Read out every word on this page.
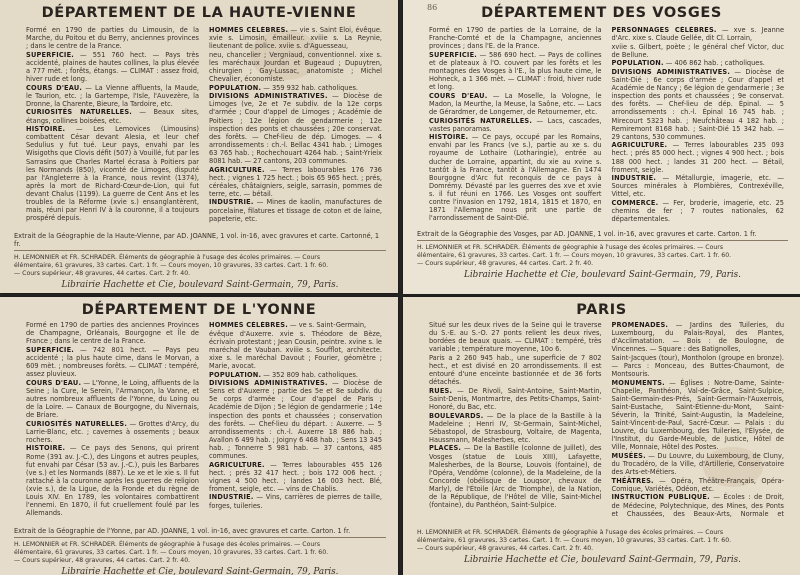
DÉPARTEMENT DE LA HAUTE-VIENNE

Formé en 1790 de parties du Limousin, de la Marche, du Poitou et du Berry, anciennes provinces ; dans le centre de la France.

SUPERFICIE. — 551 760 hect. — Pays très accidenté, plaines de hautes collines, la plus élevée a 777 mèt. ; forêts, étangs. — CLIMAT : assez froid, hiver rude et long.

COURS D'EAU. — La Vienne affluents, la Maude, le Taurion, etc. ; la Gartempe, l'Isle, l'Auvezère, la Dronne, la Charente, Bieure, la Tardoire, etc.

CURIOSITÉS NATURELLES. — Beaux sites, étangs, collines boisées, etc.

HISTOIRE. — Les Lemovices (Limousins) combattent César devant Alesia, et leur chef Sedulius y fut tué. Leur pays, envahi par les Wisigoths que Clovis défit (507) à Vouillé, fut par les Sarrasins que Charles Martel écrasa à Poitiers par les Normands (850), vicomté de Limoges, disputé par l'Angleterre à la France, nous revint (1374), après la mort de Richard-Cœur-de-Lion, qui fut devant Chalus (1199). La guerre de Cent Ans et les troubles de la Réforme (xvie s.) ensanglantèrent, mais, réuni par Henri IV à la couronne, il a toujours prospéré depuis.

HOMMES CÉLÈBRES. — vie s. Saint Éloi, évêque. xvie s. Limosin, émailleur. xviiie s. La Reynie, lieutenant de police. xviie s. d'Aguesseau,

neu, chancelier ; Vergniaud, conventionnel. xixe s. les maréchaux Jourdan et Bugeaud ; Dupuytren, chirurgien ; Gay-Lussac, anatomiste ; Michel Chevalier, économiste.

POPULATION. — 359 932 hab. catholiques.

DIVISIONS ADMINISTRATIVES. — Diocèse de Limoges (ve, 2e et 7e subdiv. de la 12e corps d'armée ; Cour d'appel de Limoges ; Académie de Poitiers ; 12e légion de gendarmerie ; 12e inspection des ponts et chaussées ; 20e conservat. des forêts. — Chef-lieu de dép. Limoges. — 4 arrondissements : ch.-l. Bellac 4341 hab. ; Limoges 63 765 hab. ; Rochechouart 4264 hab. ; Saint-Yrieix 8081 hab. — 27 cantons, 203 communes.

AGRICULTURE. — Terres labourables 176 736 hect. ; vignes 1 725 hect. ; bois 65 965 hect. ; prés, céréales, châtaigniers, seigle, sarrasin, pommes de terre, etc. — bétail.

INDUSTRIE. — Mines de kaolin, manufactures de porcelaine, filatures et tissage de coton et de laine, papeterie, etc.

Extrait de la Géographie de la Haute-Vienne, par AD. JOANNE, 1 vol. in-16, avec gravures et carte. Cartonné, 1 fr.
H. LEMONNIER et FR. SCHRADER. Éléments de géographie à l'usage des écoles primaires. — Cours
élémentaire, 61 gravures, 33 cartes. Cart. 1 fr. — Cours moyen, 10 gravures, 33 cartes. Cart. 1 fr. 60.
— Cours supérieur, 48 gravures, 44 cartes. Cart. 2 fr. 40.
Librairie Hachette et Cie, boulevard Saint-Germain, 79, Paris.
86	DÉPARTEMENT DES VOSGES

Formé en 1790 de parties de la Lorraine, de la Franche-Comté et de la Champagne, anciennes provinces ; dans l'E. de la France.

SUPERFICIE. — 586 690 hect. — Pays de collines et de plateaux à l'O. couvert par les forêts et les montagnes des Vosges à l'E., la plus haute cime, le Hohneck, a 1 366 mèt. — CLIMAT : froid, hiver rude et long.

COURS D'EAU. — La Moselle, la Vologne, le Madon, la Meurthe, la Meuse, la Saône, etc. — Lacs de Gérardmer, de Longemer, de Retournemer, etc.

CURIOSITÉS NATURELLES. — Lacs, cascades, vastes panoramas.

HISTOIRE. — Ce pays, occupé par les Romains, envahi par les Francs (ve s.), partie au xe s. du royaume de Lothaire (Lotharingie), entrée au ducher de Lorraine, appartint, du xie au xvine s. tantôt à la France, tantôt à l'Allemagne. En 1474 Bourgogne d'Arc fut reconquis de ce pays à Domrémy. Dévasté par les guerres des xve et xvie s. il fut réuni en 1766. Les Vosges ont souffert contre l'invasion en 1792, 1814, 1815 et 1870, en 1871 l'Allemagne nous prit une partie de l'arrondissement de Saint-Dié.

PERSONNAGES CÉLÈBRES. — xve s. Jeanne d'Arc. xixe s. Claude Gellée, dit Cl. Lorrain,

xviie s. Gilbert, poète ; le général chef Victor, duc de Bellune.

POPULATION. — 406 862 hab. ; catholiques.

DIVISIONS ADMINISTRATIVES. — Diocèse de Saint-Dié ; 6e corps d'armée ; Cour d'appel et Académie de Nancy ; 6e légion de gendarmerie ; 3e inspection des ponts et chaussées ; 9e conservat. des forêts. — Chef-lieu de dép. Épinal. — 5 arrondissements : ch.-l. Épinal 16 745 hab. ; Mirecourt 5323 hab. ; Neufchâteau 4 182 hab. ; Remiremont 8168 hab. ; Saint-Dié 15 342 hab. — 29 cantons, 530 communes.

AGRICULTURE. — Terres labourables 235 093 hect. ; prés 85 000 hect. ; vignes 4 900 hect. ; bois 188 000 hect. ; landes 31 200 hect. — Bétail, froment, seigle.

INDUSTRIE. — Métallurgie, imagerie, etc. — Sources minérales à Plombières, Contrexéville, Vittel, etc.

COMMERCE. — Fer, broderie, imagerie, etc. 25 chemins de fer ; 7 routes nationales, 62 départementales.

Extrait de la Géographie des Vosges, par AD. JOANNE, 1 vol. in-16, avec gravures et carte. Carton. 1 fr.
H. LEMONNIER et FR. SCHRADER. Éléments de géographie à l'usage des écoles primaires. — Cours
élémentaire, 61 gravures, 33 cartes. Cart. 1 fr. — Cours moyen, 10 gravures, 33 cartes. Cart. 1 fr. 60.
— Cours supérieur, 48 gravures, 44 cartes. Cart. 2 fr. 40.
Librairie Hachette et Cie, boulevard Saint-Germain, 79, Paris.
DÉPARTEMENT DE L'YONNE

Formé en 1790 de parties des anciennes Provinces de Champagne, Orléanais, Bourgogne et Île de France ; dans le centre de la France.

SUPERFICIE. — 742 801 hect. — Pays peu accidenté ; la plus haute cime, dans le Morvan, a 609 mèt. ; nombreuses forêts. — CLIMAT : tempéré, assez pluvieux.

COURS D'EAU. — L'Yonne, le Loing, affluents de la Seine ; la Cure, le Serein, l'Armançon, la Vanne, et autres nombreux affluents de l'Yonne, du Loing ou de la Loire. — Canaux de Bourgogne, du Nivernais, de Briare.

CURIOSITÉS NATURELLES. — Grottes d'Arcy, du Larrie-Blanc, etc. ; cavernes à ossements ; beaux rochers.

HISTOIRE. — Ce pays des Senons, qui prirent Rome (391 av. J.-C.), des Lingons et autres peuples, fut envahi par César (53 av. J.-C.), puis les Barbares (ve s.) et les Normands (887). Le xe et le xie s. Il fut rattaché à la couronne après les guerres de religion (xvie s.), de la Ligue, de la Fronde et du règne de Louis XIV. En 1789, les volontaires combattirent l'ennemi. En 1870, il fut cruellement foulé par les Allemands.

HOMMES CÉLÈBRES. — ve s. Saint-Germain,

évêque d'Auxerre. xvie s. Théodore de Bèze, écrivain protestant ; Jean Cousin, peintre. xvine s. le maréchal de Vauban. xviiie s. Soufflot, architecte. xixe s. le maréchal Davout ; Fourier, géomètre ; Marie, avocat.

POPULATION. — 352 809 hab. catholiques.

DIVISIONS ADMINISTRATIVES. — Diocèse de Sens et d'Auxerre ; partie des 5e et 8e subdiv. du 5e corps d'armée ; Cour d'appel de Paris ; Académie de Dijon ; 5e légion de gendarmerie ; 14e inspection des ponts et chaussées ; conservation des forêts. — Chef-lieu du départ. : Auxerre. — 5 arrondissements : ch.-l. Auxerre 18 886 hab. ; Avallon 6 499 hab. ; Joigny 6 468 hab. ; Sens 13 345 hab. ; Tonnerre 5 981 hab. — 37 cantons, 485 communes.

AGRICULTURE. — Terres labourables 455 126 hect. ; prés 32 417 hect. ; bois 172 006 hect. ; vignes 4 500 hect. ; landes 16 003 hect. Blé, froment, seigle, etc. — vins de Chablis.

INDUSTRIE. — Vins, carrières de pierres de taille, forges, tuileries.

Extrait de la Géographie de l'Yonne, par AD. JOANNE, 1 vol. in-16, avec gravures et carte. Carton. 1 fr.
H. LEMONNIER et FR. SCHRADER. Éléments de géographie à l'usage des écoles primaires. — Cours
élémentaire, 61 gravures, 33 cartes. Cart. 1 fr. — Cours moyen, 10 gravures, 33 cartes. Cart. 1 fr. 60.
— Cours supérieur, 48 gravures, 44 cartes. Cart. 2 fr. 40.
Librairie Hachette et Cie, boulevard Saint-Germain, 79, Paris.
PARIS

Situé sur les deux rives de la Seine qui le traverse du S.-E. au S.-O. 27 ponts relient les deux rives, bordées de beaux quais. — CLIMAT : tempéré, très variable ; température moyenne, 10o 6.

Paris a 2 260 945 hab., une superficie de 7 802 hect., et est divisé en 20 arrondissements. Il est entouré d'une enceinte bastionnée et de 36 forts détachés.

RUES. — De Rivoli, Saint-Antoine, Saint-Martin, Saint-Denis, Montmartre, des Petits-Champs, Saint-Honoré, du Bac, etc.

BOULEVARDS. — De la place de la Bastille à la Madeleine ; Henri IV, St-Germain, Saint-Michel, Sébastopol, de Strasbourg, Voltaire, de Magenta, Haussmann, Malesherbes, etc.

PLACES. — De la Bastille (colonne de Juillet), des Vosges (statue de Louis XIII), Lafayette, Malesherbes, de la Bourse, Louvois (fontaine), de l'Opéra, Vendôme (colonne), de la Madeleine, de la Concorde (obélisque de Louqsor, chevaux de Marly), de l'Étoile (Arc de Triomphe), de la Nation, de la République, de l'Hôtel de Ville, Saint-Michel (fontaine), du Panthéon, Saint-Sulpice.

PROMENADES. — Jardins des Tuileries, du Luxembourg, du Palais-Royal, des Plantes, d'Acclimatation. — Bois : de Boulogne, de Vincennes. — Square : des Batignolles,

Saint-Jacques (tour), Montholon (groupe en bronze). — Parcs : Monceau, des Buttes-Chaumont, de Montsouris.

MONUMENTS. — Églises : Notre-Dame, Sainte-Chapelle, Panthéon, Val-de-Grâce, Saint-Sulpice, Saint-Germain-des-Prés, Saint-Germain-l'Auxerrois, Saint-Eustache, Saint-Étienne-du-Mont, Saint-Séverin, la Trinité, Saint-Augustin, la Madeleine, Saint-Vincent-de-Paul, Sacré-Cœur. — Palais : du Louvre, du Luxembourg, des Tuileries, l'Élysée, de l'Institut, du Garde-Meuble, de Justice, Hôtel de Ville, Monnaie, Hôtel des Postes.

MUSÉES. — Du Louvre, du Luxembourg, de Cluny, du Trocadéro, de la Ville, d'Artillerie, Conservatoire des Arts-et-Métiers.

THÉÂTRES. — Opéra, Théâtre-Français, Opéra-Comique, Variétés, Odéon, etc.

INSTRUCTION PUBLIQUE. — Écoles : de Droit, de Médecine, Polytechnique, des Mines, des Ponts et Chaussées, des Beaux-Arts, Normale et

H. LEMONNIER et FR. SCHRADER. Éléments de géographie à l'usage des écoles primaires. — Cours
élémentaire, 61 gravures, 33 cartes. Cart. 1 fr. — Cours moyen, 10 gravures, 33 cartes. Cart. 1 fr. 60.
— Cours supérieur, 48 gravures, 44 cartes. Cart. 2 fr. 40.
Librairie Hachette et Cie, boulevard Saint-Germain, 79, Paris.
